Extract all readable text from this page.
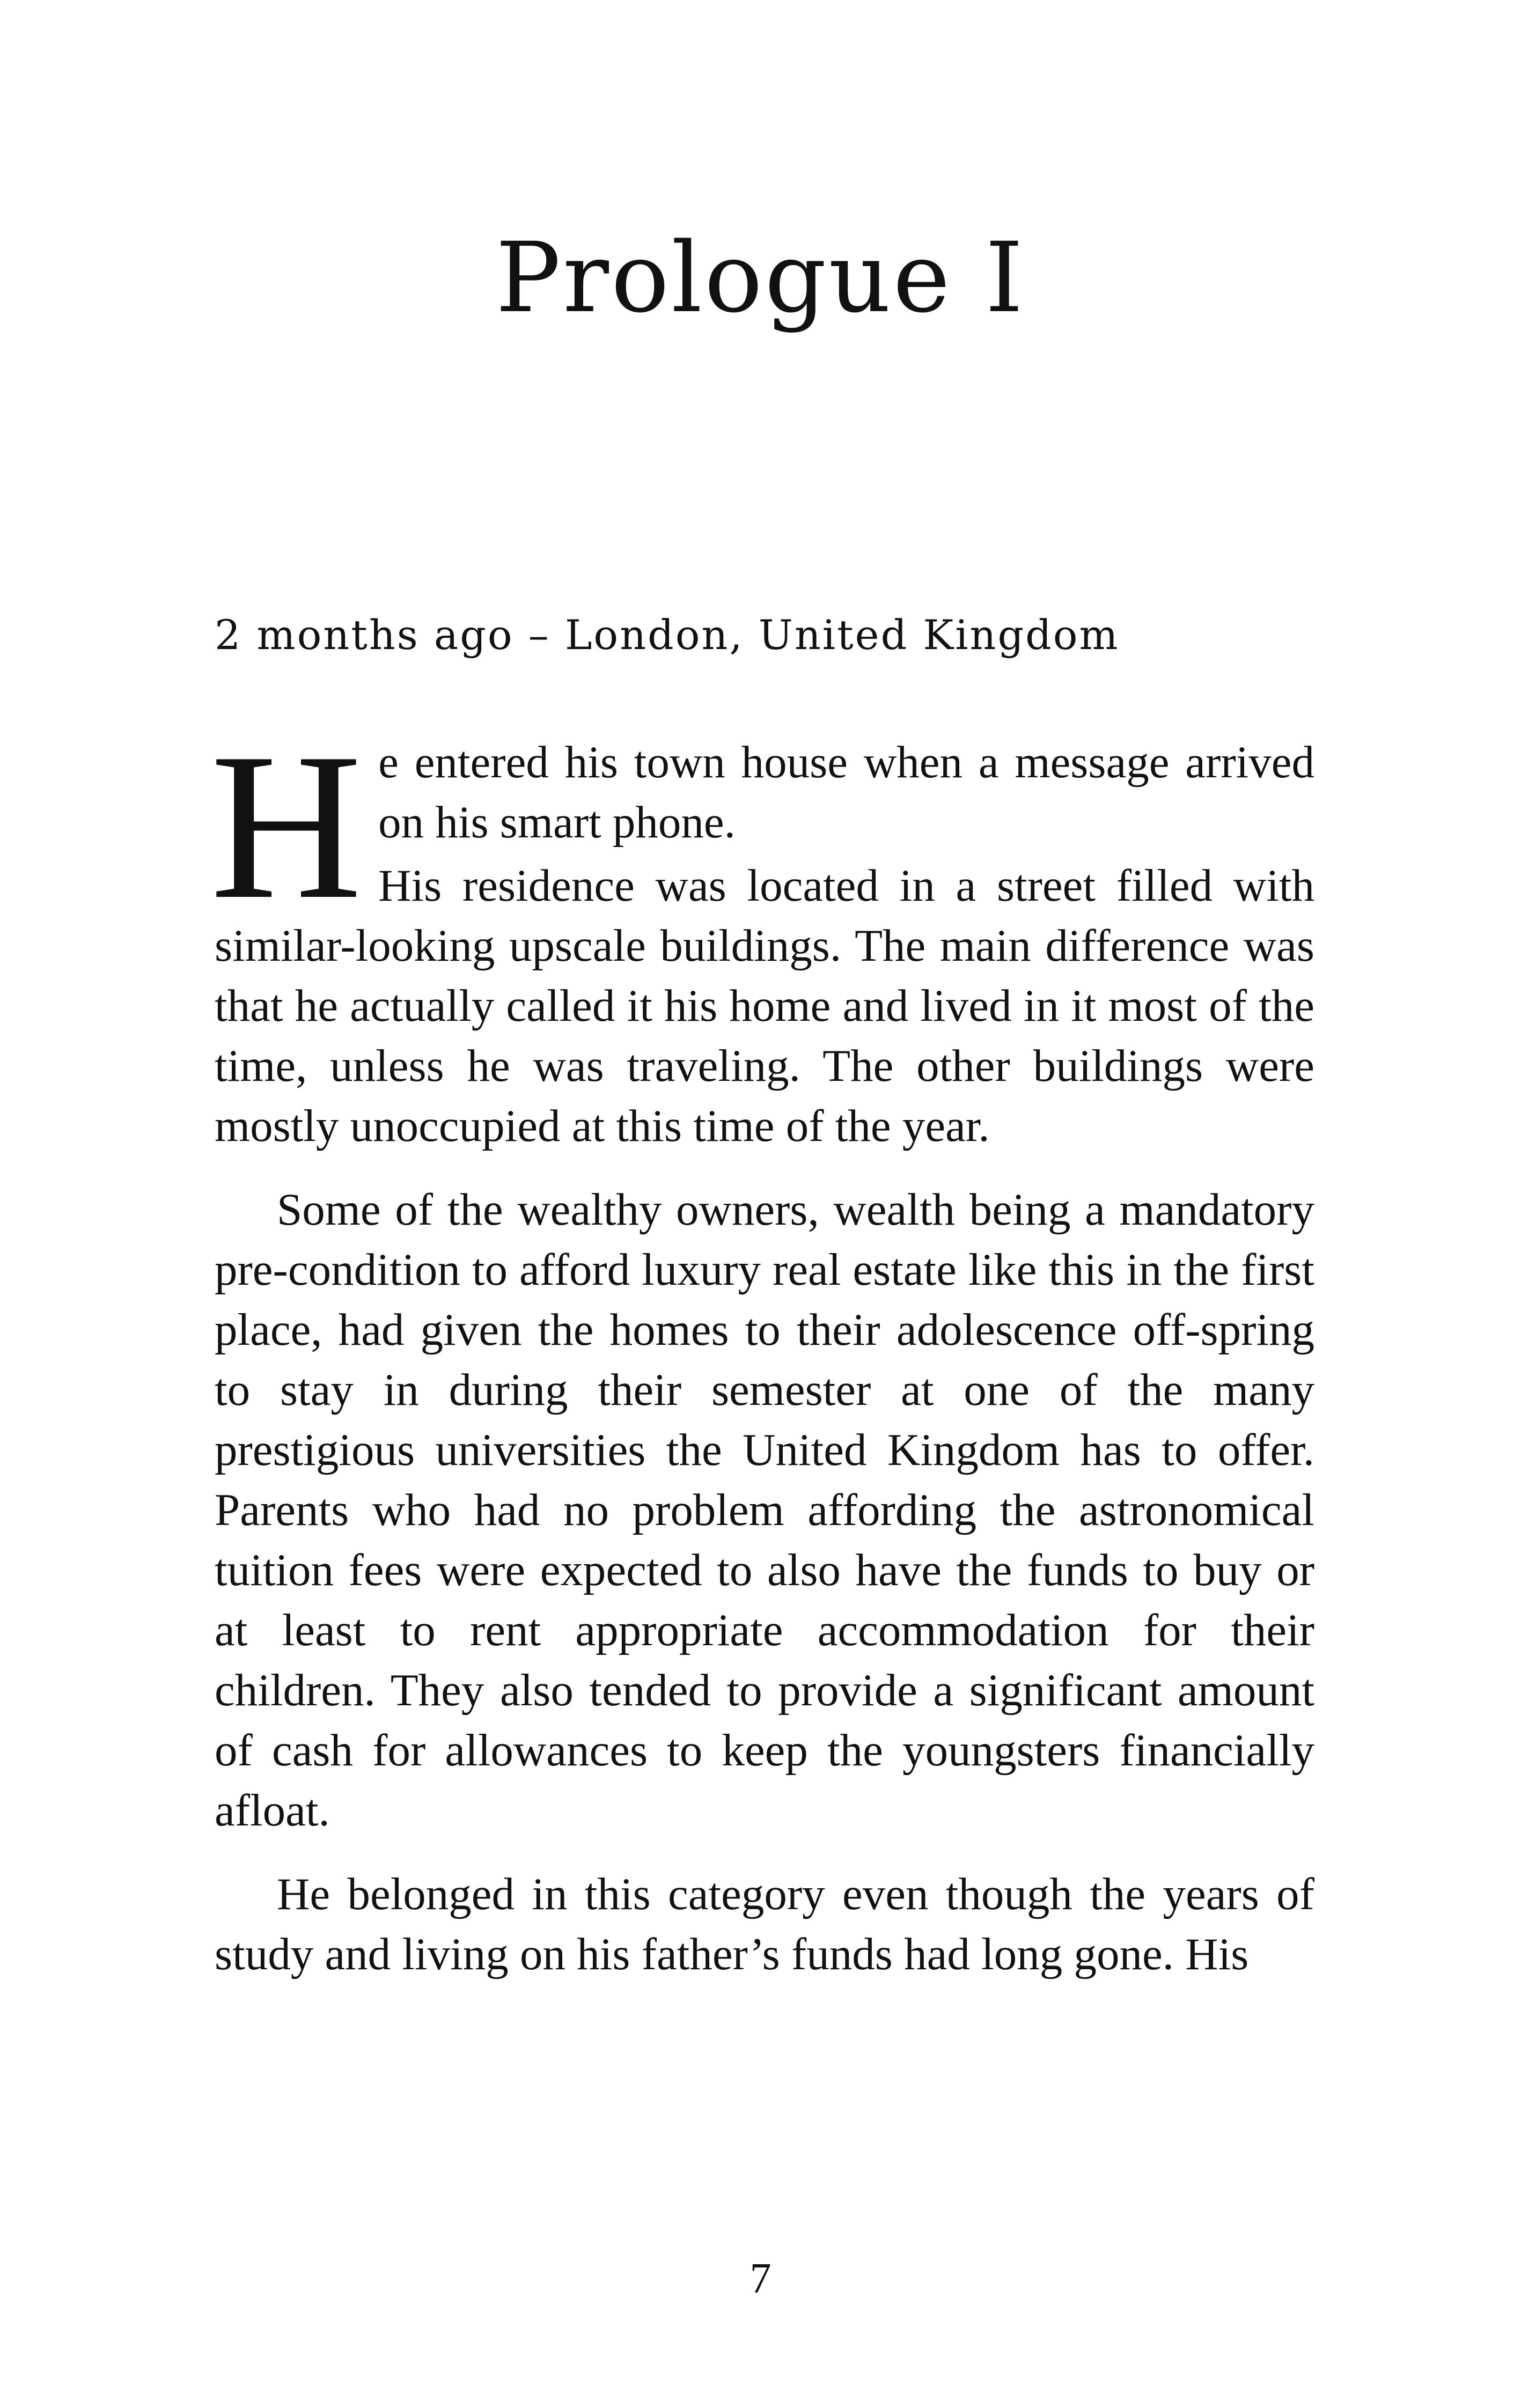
Prologue I

2 months ago – London, United Kingdom

He entered his town house when a message arrived on his smart phone.

His residence was located in a street filled with similar-looking upscale buildings. The main difference was that he actually called it his home and lived in it most of the time, unless he was traveling. The other buildings were mostly unoccupied at this time of the year.

Some of the wealthy owners, wealth being a mandatory pre-condition to afford luxury real estate like this in the first place, had given the homes to their adolescence off-spring to stay in during their semester at one of the many prestigious universities the United Kingdom has to offer. Parents who had no problem affording the astronomical tuition fees were expected to also have the funds to buy or at least to rent appropriate accommodation for their children. They also tended to provide a significant amount of cash for allowances to keep the youngsters financially afloat.

He belonged in this category even though the years of study and living on his father’s funds had long gone. His

7
